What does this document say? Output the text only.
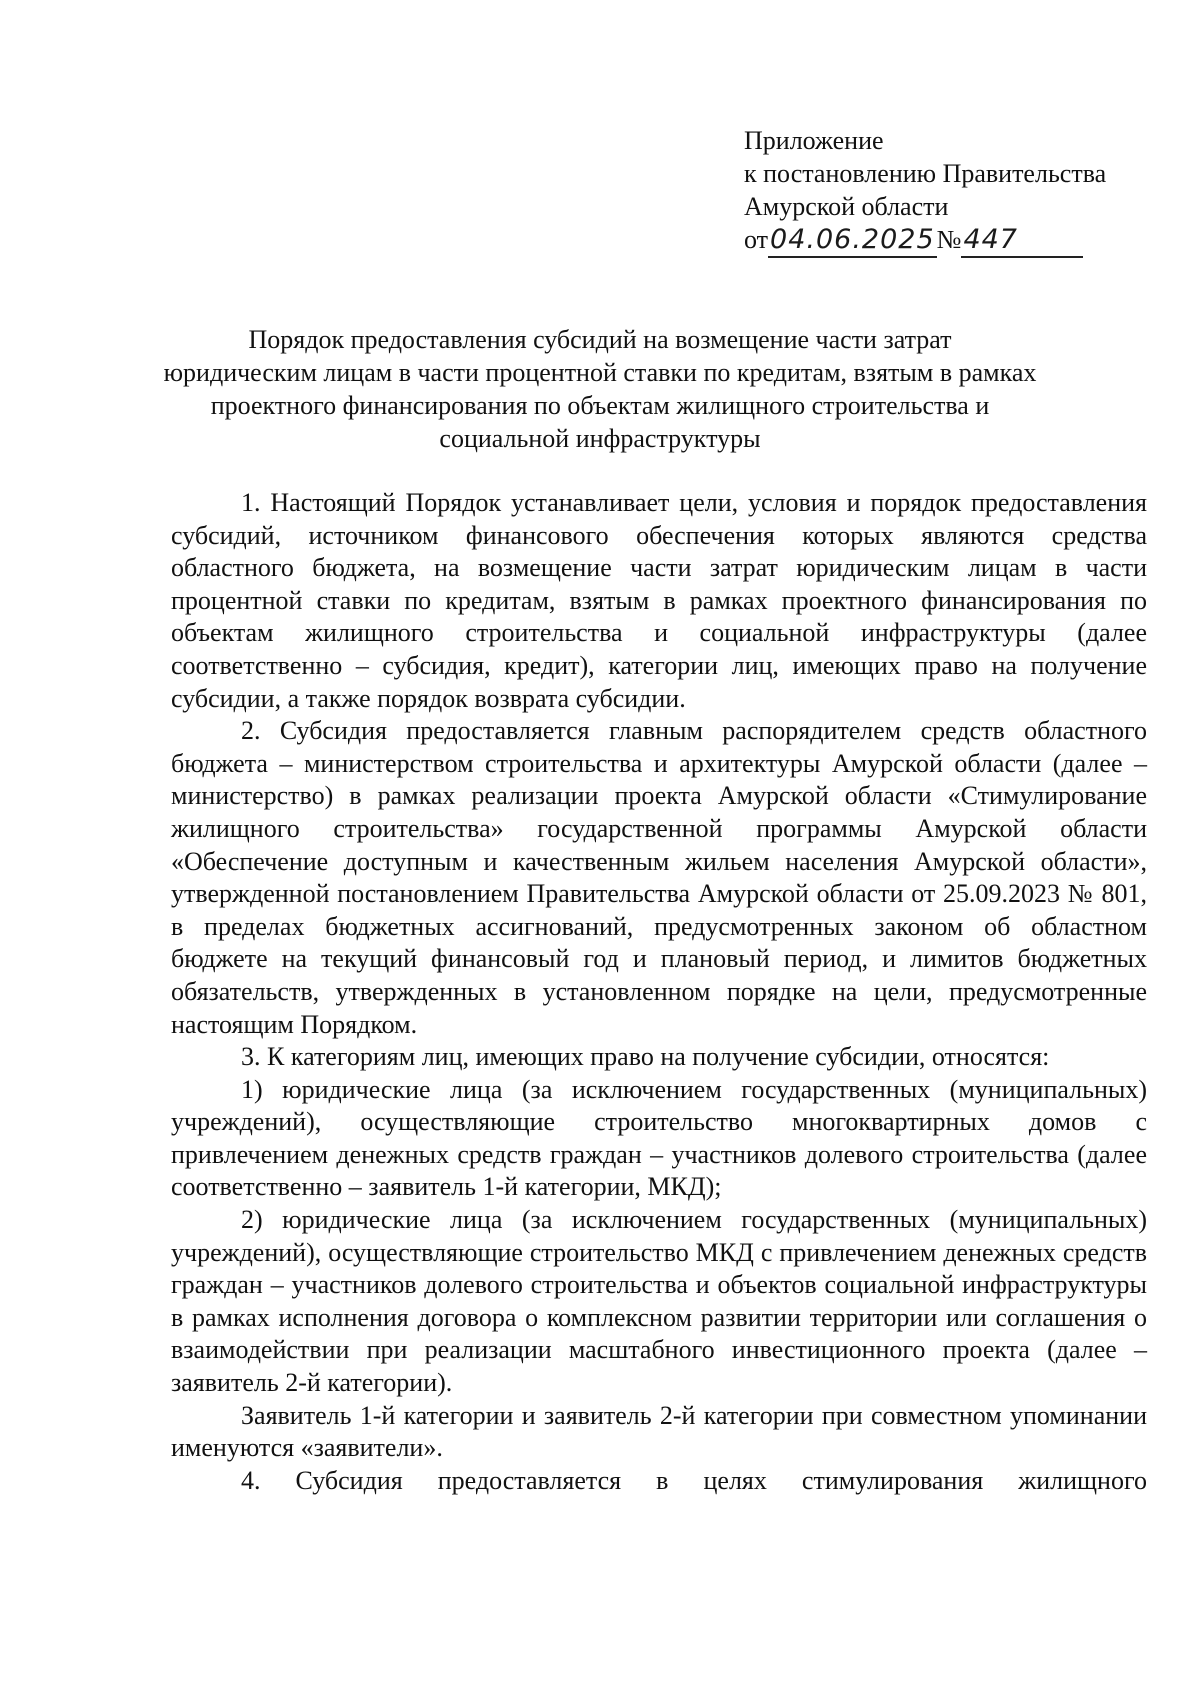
Приложение
к постановлению Правительства
Амурской области
от04.06.2025№447
Порядок предоставления субсидий на возмещение части затрат
юридическим лицам в части процентной ставки по кредитам, взятым в рамках
проектного финансирования по объектам жилищного строительства и
социальной инфраструктуры

1. Настоящий Порядок устанавливает цели, условия и порядок предоставления субсидий, источником финансового обеспечения которых являются средства областного бюджета, на возмещение части затрат юридическим лицам в части процентной ставки по кредитам, взятым в рамках проектного финансирования по объектам жилищного строительства и социальной инфраструктуры (далее соответственно – субсидия, кредит), категории лиц, имеющих право на получение субсидии, а также порядок возврата субсидии.

2. Субсидия предоставляется главным распорядителем средств областного бюджета – министерством строительства и архитектуры Амурской области (далее – министерство) в рамках реализации проекта Амурской области «Стимулирование жилищного строительства» государственной программы Амурской области «Обеспечение доступным и качественным жильем населения Амурской области», утвержденной постановлением Правительства Амурской области от 25.09.2023 № 801, в пределах бюджетных ассигнований, предусмотренных законом об областном бюджете на текущий финансовый год и плановый период, и лимитов бюджетных обязательств, утвержденных в установленном порядке на цели, предусмотренные настоящим Порядком.

3. К категориям лиц, имеющих право на получение субсидии, относятся:

1) юридические лица (за исключением государственных (муниципальных) учреждений), осуществляющие строительство многоквартирных домов с привлечением денежных средств граждан – участников долевого строительства (далее соответственно – заявитель 1-й категории, МКД);

2) юридические лица (за исключением государственных (муниципальных) учреждений), осуществляющие строительство МКД с привлечением денежных средств граждан – участников долевого строительства и объектов социальной инфраструктуры в рамках исполнения договора о комплексном развитии территории или соглашения о взаимодействии при реализации масштабного инвестиционного проекта (далее – заявитель 2-й категории).

Заявитель 1-й категории и заявитель 2-й категории при совместном упоминании именуются «заявители».

4. Субсидия предоставляется в целях стимулирования жилищного
